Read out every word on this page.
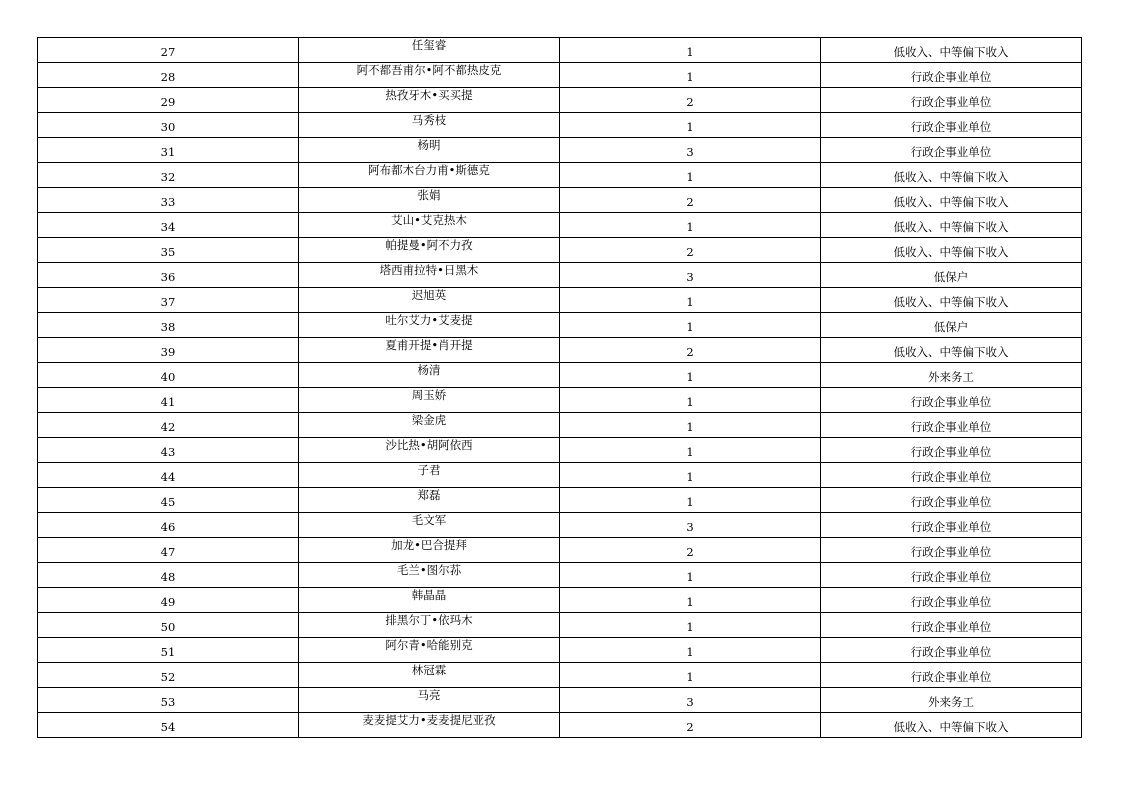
27	任玺睿	1	低收入、中等偏下收入
28	阿不都吾甫尔•阿不都热皮克	1	行政企事业单位
29	热孜牙木•买买提	2	行政企事业单位
30	马秀枝	1	行政企事业单位
31	杨明	3	行政企事业单位
32	阿布都木台力甫•斯德克	1	低收入、中等偏下收入
33	张娟	2	低收入、中等偏下收入
34	艾山•艾克热木	1	低收入、中等偏下收入
35	帕提曼•阿不力孜	2	低收入、中等偏下收入
36	塔西甫拉特•日黑木	3	低保户
37	迟旭英	1	低收入、中等偏下收入
38	吐尔艾力•艾麦提	1	低保户
39	夏甫开提•肖开提	2	低收入、中等偏下收入
40	杨清	1	外来务工
41	周玉娇	1	行政企事业单位
42	梁金虎	1	行政企事业单位
43	沙比热•胡阿依西	1	行政企事业单位
44	子君	1	行政企事业单位
45	郑磊	1	行政企事业单位
46	毛文军	3	行政企事业单位
47	加龙•巴合提拜	2	行政企事业单位
48	毛兰•图尔荪	1	行政企事业单位
49	韩晶晶	1	行政企事业单位
50	排黑尔丁•依玛木	1	行政企事业单位
51	阿尔青•哈能别克	1	行政企事业单位
52	林冠霖	1	行政企事业单位
53	马亮	3	外来务工
54	麦麦提艾力•麦麦提尼亚孜	2	低收入、中等偏下收入
